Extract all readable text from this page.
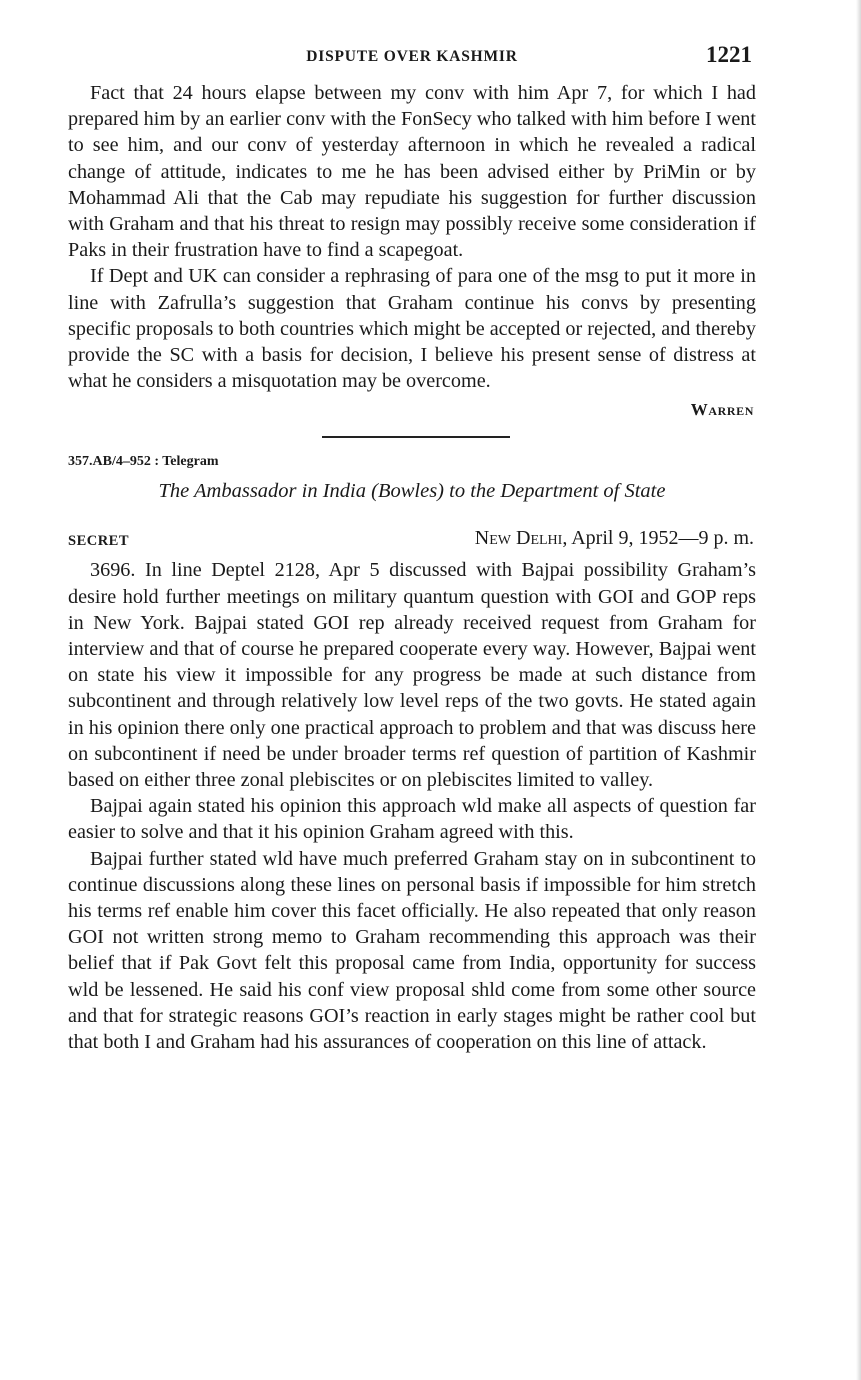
DISPUTE OVER KASHMIR	1221

Fact that 24 hours elapse between my conv with him Apr 7, for which I had prepared him by an earlier conv with the FonSecy who talked with him before I went to see him, and our conv of yesterday afternoon in which he revealed a radical change of attitude, indicates to me he has been advised either by PriMin or by Mohammad Ali that the Cab may repudiate his suggestion for further discussion with Graham and that his threat to resign may possibly receive some consideration if Paks in their frustration have to find a scapegoat.

If Dept and UK can consider a rephrasing of para one of the msg to put it more in line with Zafrulla’s suggestion that Graham continue his convs by presenting specific proposals to both countries which might be accepted or rejected, and thereby provide the SC with a basis for decision, I believe his present sense of distress at what he considers a misquotation may be overcome.

Warren
357.AB/4–952 : Telegram
The Ambassador in India (Bowles) to the Department of State
SECRET	New Delhi, April 9, 1952—9 p. m.

3696. In line Deptel 2128, Apr 5 discussed with Bajpai possibility Graham’s desire hold further meetings on military quantum question with GOI and GOP reps in New York. Bajpai stated GOI rep already received request from Graham for interview and that of course he prepared cooperate every way. However, Bajpai went on state his view it impossible for any progress be made at such distance from subcontinent and through relatively low level reps of the two govts. He stated again in his opinion there only one practical approach to problem and that was discuss here on subcontinent if need be under broader terms ref question of partition of Kashmir based on either three zonal plebiscites or on plebiscites limited to valley.

Bajpai again stated his opinion this approach wld make all aspects of question far easier to solve and that it his opinion Graham agreed with this.

Bajpai further stated wld have much preferred Graham stay on in subcontinent to continue discussions along these lines on personal basis if impossible for him stretch his terms ref enable him cover this facet officially. He also repeated that only reason GOI not written strong memo to Graham recommending this approach was their belief that if Pak Govt felt this proposal came from India, opportunity for success wld be lessened. He said his conf view proposal shld come from some other source and that for strategic reasons GOI’s reaction in early stages might be rather cool but that both I and Graham had his assurances of cooperation on this line of attack.
